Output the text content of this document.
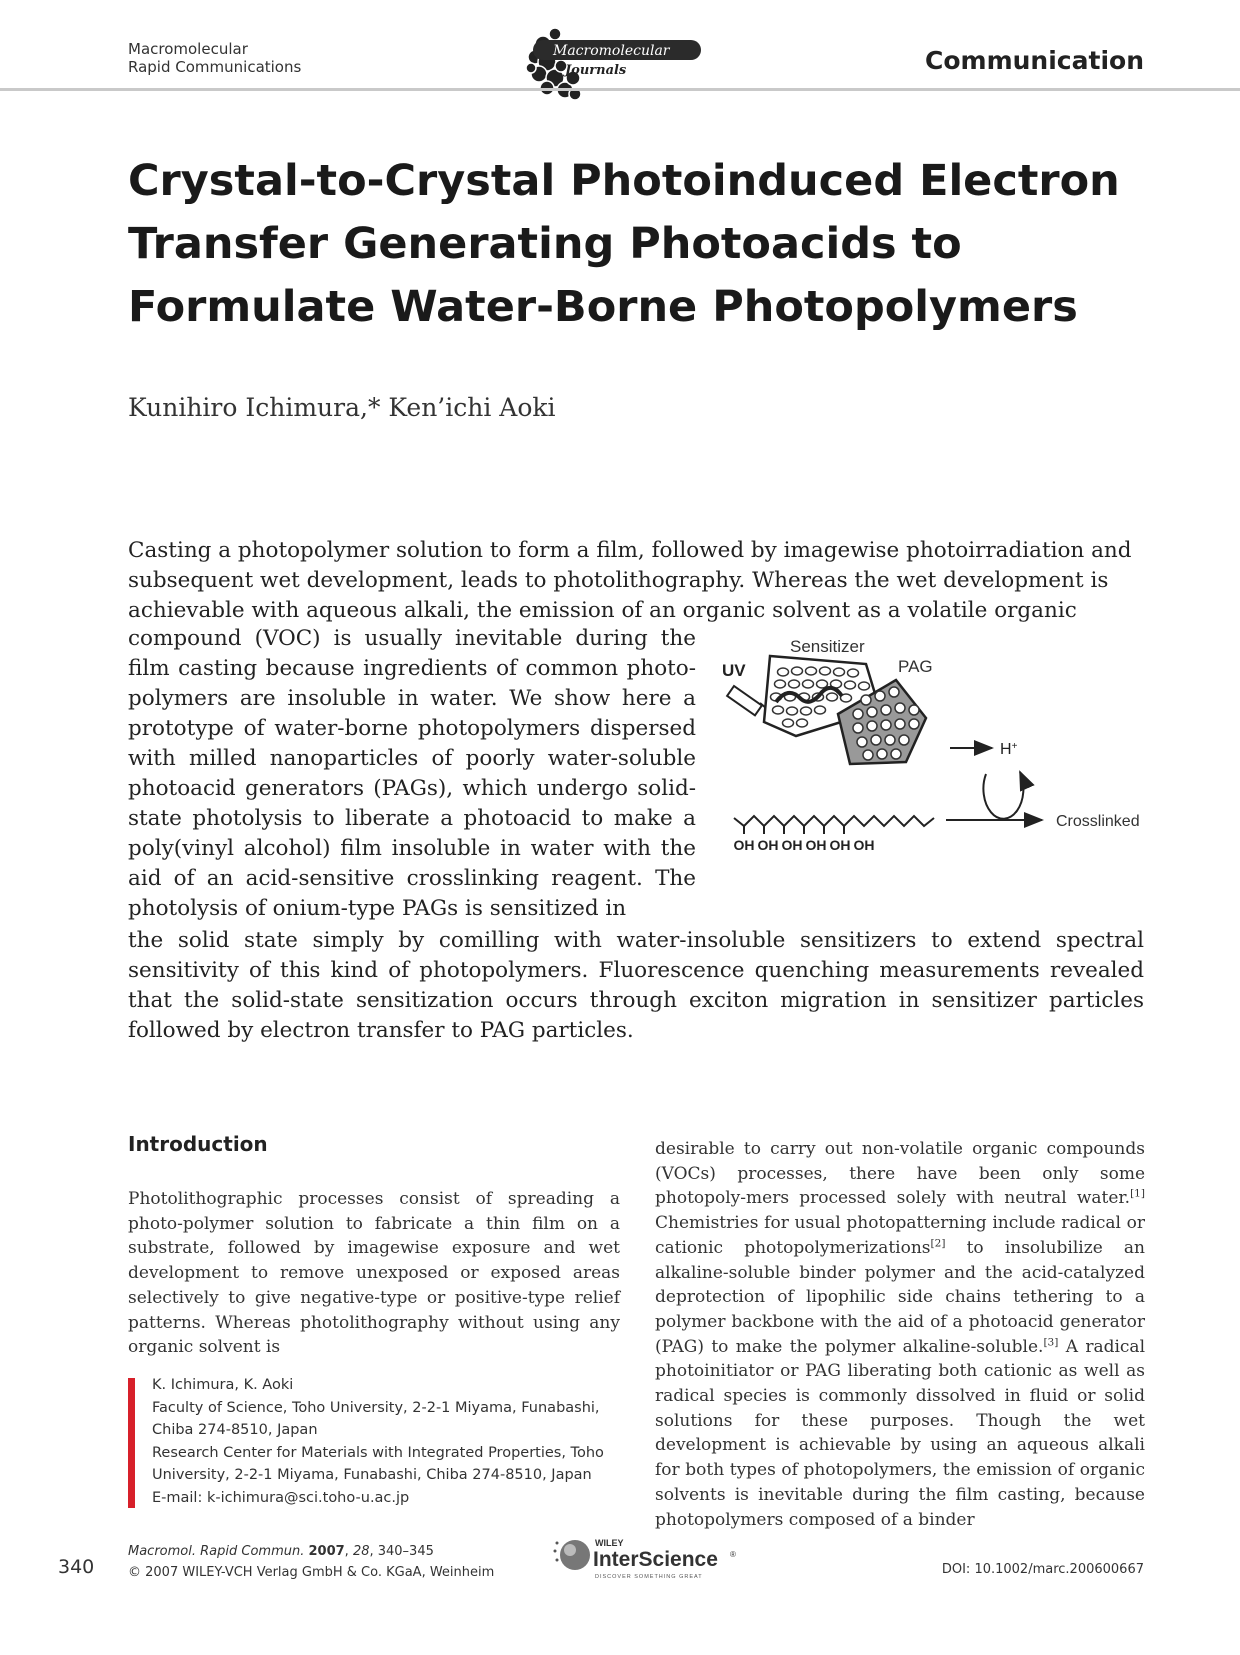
Macromolecular
Rapid Communications
Macromolecular
Journals	Communication
Crystal-to-Crystal Photoinduced Electron Transfer Generating Photoacids to Formulate Water-Borne Photopolymers
Kunihiro Ichimura,* Ken’ichi Aoki
Casting a photopolymer solution to form a film, followed by imagewise photoirradiation and
subsequent wet development, leads to photolithography. Whereas the wet development is
achievable with aqueous alkali, the emission of an organic solvent as a volatile organic
compound (VOC) is usually inevitable during the film casting because ingredients of common photo-polymers are insoluble in water. We show here a prototype of water-borne photopolymers dispersed with milled nanoparticles of poorly water-soluble photoacid generators (PAGs), which undergo solid-state photolysis to liberate a photoacid to make a poly(vinyl alcohol) film insoluble in water with the aid of an acid-sensitive crosslinking reagent. The photolysis of onium-type PAGs is sensitized in
the solid state simply by comilling with water-insoluble sensitizers to extend spectral sensitivity of this kind of photopolymers. Fluorescence quenching measurements revealed that the solid-state sensitization occurs through exciton migration in sensitizer particles followed by electron transfer to PAG particles.
Sensitizer
UV	PAG
H+
OH OH OH OH OH OH
Crosslinked
Introduction
Photolithographic processes consist of spreading a photo-polymer solution to fabricate a thin film on a substrate, followed by imagewise exposure and wet development to remove unexposed or exposed areas selectively to give negative-type or positive-type relief patterns. Whereas photolithography without using any organic solvent is
desirable to carry out non-volatile organic compounds (VOCs) processes, there have been only some photopoly-mers processed solely with neutral water.[1] Chemistries for usual photopatterning include radical or cationic photopolymerizations[2] to insolubilize an alkaline-soluble binder polymer and the acid-catalyzed deprotection of lipophilic side chains tethering to a polymer backbone with the aid of a photoacid generator (PAG) to make the polymer alkaline-soluble.[3] A radical photoinitiator or PAG liberating both cationic as well as radical species is commonly dissolved in fluid or solid solutions for these purposes. Though the wet development is achievable by using an aqueous alkali for both types of photopolymers, the emission of organic solvents is inevitable during the film casting, because photopolymers composed of a binder
K. Ichimura, K. Aoki
Faculty of Science, Toho University, 2-2-1 Miyama, Funabashi,
Chiba 274-8510, Japan
Research Center for Materials with Integrated Properties, Toho
University, 2-2-1 Miyama, Funabashi, Chiba 274-8510, Japan
E-mail: k-ichimura@sci.toho-u.ac.jp
340
Macromol. Rapid Commun. 2007, 28, 340–345
© 2007 WILEY-VCH Verlag GmbH & Co. KGaA, Weinheim
WILEY
InterScience ®
DISCOVER SOMETHING GREAT	DOI: 10.1002/marc.200600667
